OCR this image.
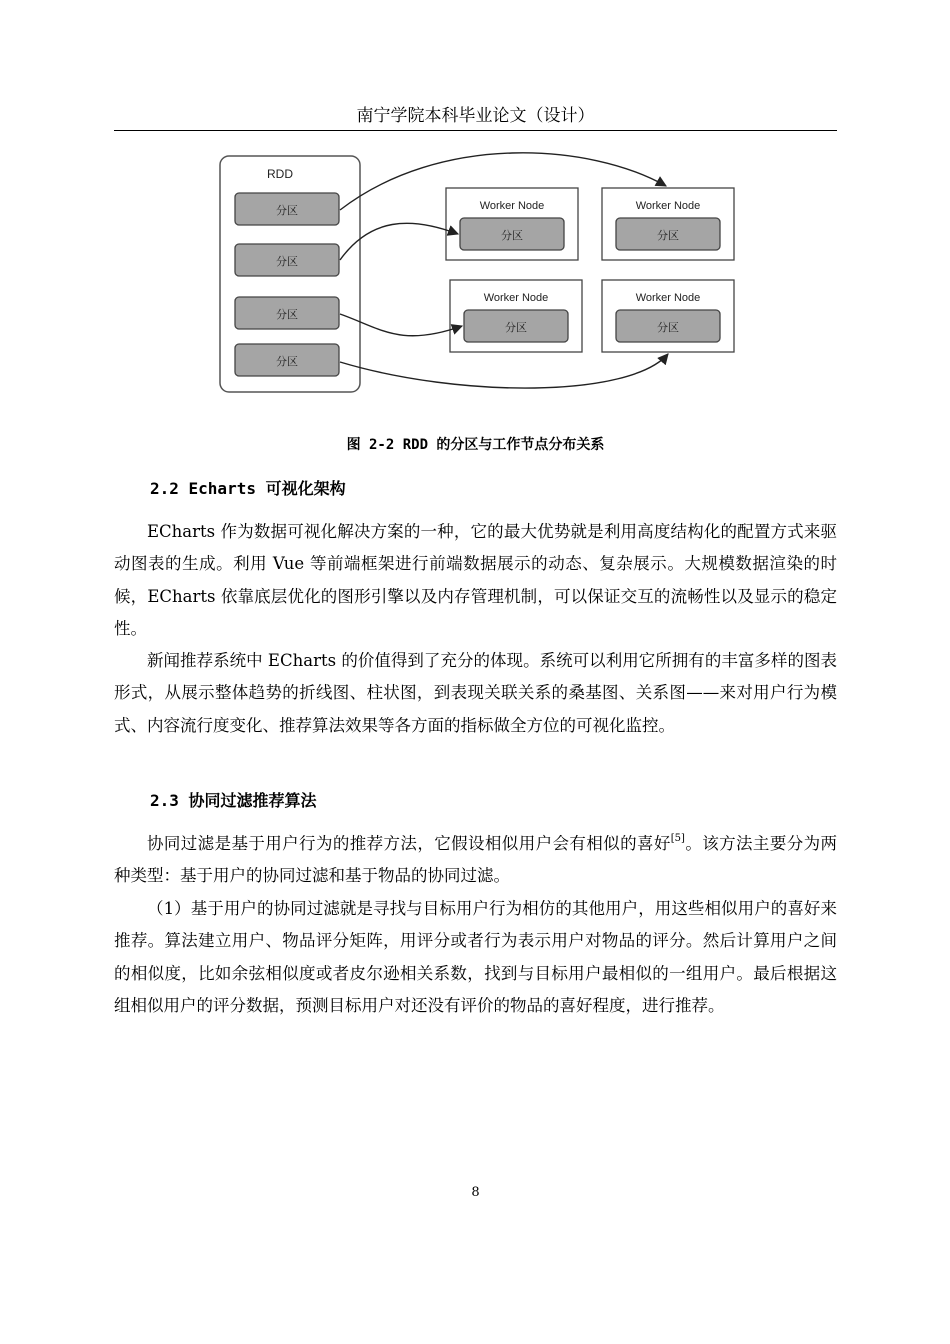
南宁学院本科毕业论文（设计）
RDD
分区
分区
分区
分区
Worker Node
分区
Worker Node
分区
Worker Node
分区
Worker Node
分区
图 2-2 RDD 的分区与工作节点分布关系
2.2 Echarts 可视化架构

ECharts 作为数据可视化解决方案的一种，它的最大优势就是利用高度结构化的配置方式来驱动图表的生成。利用 Vue 等前端框架进行前端数据展示的动态、复杂展示。大规模数据渲染的时候，ECharts 依靠底层优化的图形引擎以及内存管理机制，可以保证交互的流畅性以及显示的稳定性。

新闻推荐系统中 ECharts 的价值得到了充分的体现。系统可以利用它所拥有的丰富多样的图表形式，从展示整体趋势的折线图、柱状图，到表现关联关系的桑基图、关系图——来对用户行为模式、内容流行度变化、推荐算法效果等各方面的指标做全方位的可视化监控。

2.3 协同过滤推荐算法

协同过滤是基于用户行为的推荐方法，它假设相似用户会有相似的喜好[5]。该方法主要分为两种类型：基于用户的协同过滤和基于物品的协同过滤。

（1）基于用户的协同过滤就是寻找与目标用户行为相仿的其他用户，用这些相似用户的喜好来推荐。算法建立用户、物品评分矩阵，用评分或者行为表示用户对物品的评分。然后计算用户之间的相似度，比如余弦相似度或者皮尔逊相关系数，找到与目标用户最相似的一组用户。最后根据这组相似用户的评分数据，预测目标用户对还没有评价的物品的喜好程度，进行推荐。

8
